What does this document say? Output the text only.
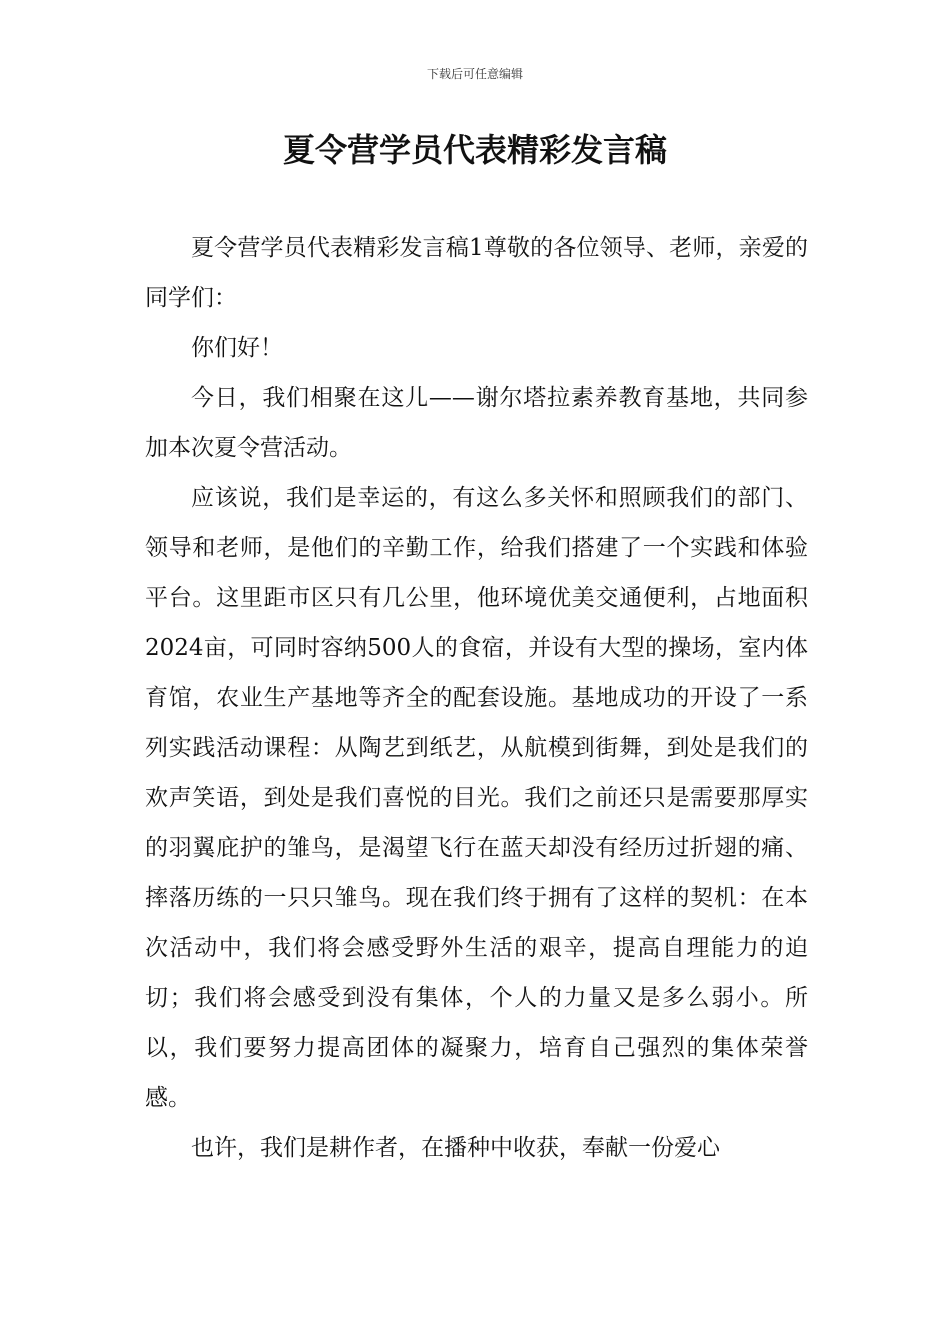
下载后可任意编辑
夏令营学员代表精彩发言稿

夏令营学员代表精彩发言稿1尊敬的各位领导、老师，亲爱的同学们：

你们好！

今日，我们相聚在这儿——谢尔塔拉素养教育基地，共同参加本次夏令营活动。

应该说，我们是幸运的，有这么多关怀和照顾我们的部门、领导和老师，是他们的辛勤工作，给我们搭建了一个实践和体验平台。这里距市区只有几公里，他环境优美交通便利，占地面积2024亩，可同时容纳500人的食宿，并设有大型的操场，室内体育馆，农业生产基地等齐全的配套设施。基地成功的开设了一系列实践活动课程：从陶艺到纸艺，从航模到街舞，到处是我们的欢声笑语，到处是我们喜悦的目光。我们之前还只是需要那厚实的羽翼庇护的雏鸟，是渴望飞行在蓝天却没有经历过折翅的痛、摔落历练的一只只雏鸟。现在我们终于拥有了这样的契机：在本次活动中，我们将会感受野外生活的艰辛，提高自理能力的迫切；我们将会感受到没有集体，个人的力量又是多么弱小。所以，我们要努力提高团体的凝聚力，培育自己强烈的集体荣誉感。

也许，我们是耕作者，在播种中收获，奉献一份爱心
